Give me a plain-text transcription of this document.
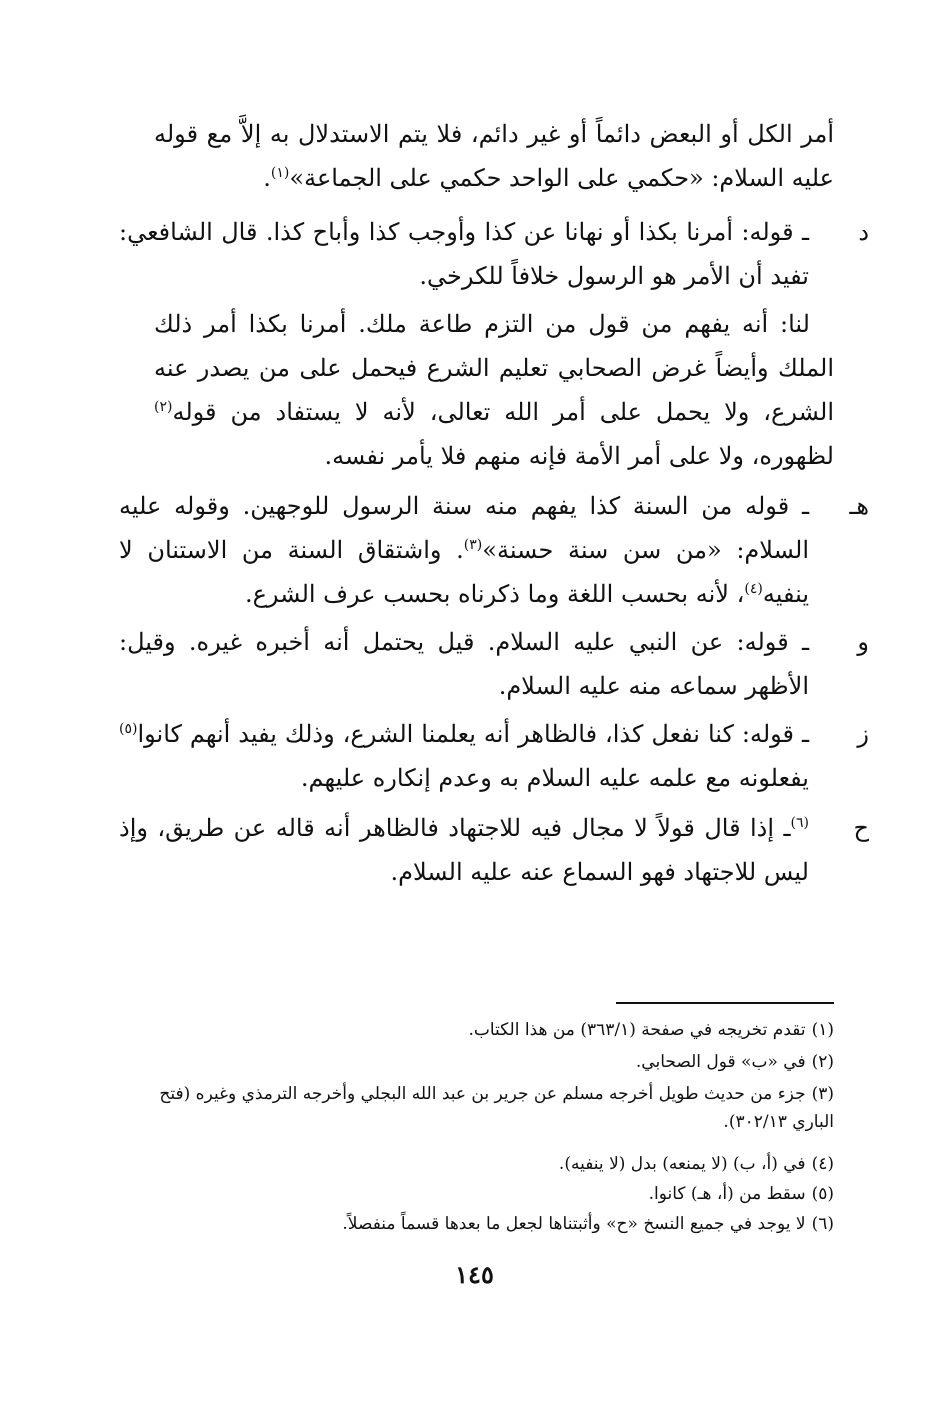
أمر الكل أو البعض دائماً أو غير دائم، فلا يتم الاستدلال به إلاَّ مع قوله عليه السلام: «حكمي على الواحد حكمي على الجماعة»$^{(١)}$.
دـ قوله: أمرنا بكذا أو نهانا عن كذا وأوجب كذا وأباح كذا. قال الشافعي: تفيد أن الأمر هو الرسول خلافاً للكرخي.
لنا: أنه يفهم من قول من التزم طاعة ملك. أمرنا بكذا أمر ذلك الملك وأيضاً غرض الصحابي تعليم الشرع فيحمل على من يصدر عنه الشرع، ولا يحمل على أمر الله تعالى، لأنه لا يستفاد من قوله$^{(٢)}$ لظهوره، ولا على أمر الأمة فإنه منهم فلا يأمر نفسه.
هــ قوله من السنة كذا يفهم منه سنة الرسول للوجهين. وقوله عليه السلام: «من سن سنة حسنة»$^{(٣)}$. واشتقاق السنة من الاستنان لا ينفيه$^{(٤)}$، لأنه بحسب اللغة وما ذكرناه بحسب عرف الشرع.
وـ قوله: عن النبي عليه السلام. قيل يحتمل أنه أخبره غيره. وقيل: الأظهر سماعه منه عليه السلام.
زـ قوله: كنا نفعل كذا، فالظاهر أنه يعلمنا الشرع، وذلك يفيد أنهم كانوا$^{(٥)}$ يفعلونه مع علمه عليه السلام به وعدم إنكاره عليهم.
ح$^{(٦)}$ـ إذا قال قولاً لا مجال فيه للاجتهاد فالظاهر أنه قاله عن طريق، وإذ ليس للاجتهاد فهو السماع عنه عليه السلام.
(١)تقدم تخريجه في صفحة (٣٦٣/١) من هذا الكتاب.
(٢)في «ب» قول الصحابي.
(٣)جزء من حديث طويل أخرجه مسلم عن جرير بن عبد الله البجلي وأخرجه الترمذي وغيره (فتح الباري ٣٠٢/١٣).
(٤)في (أ، ب) (لا يمنعه) بدل (لا ينفيه).
(٥)سقط من (أ، هـ) كانوا.
(٦)لا يوجد في جميع النسخ «ح» وأثبتناها لجعل ما بعدها قسماً منفصلاً.
١٤٥
